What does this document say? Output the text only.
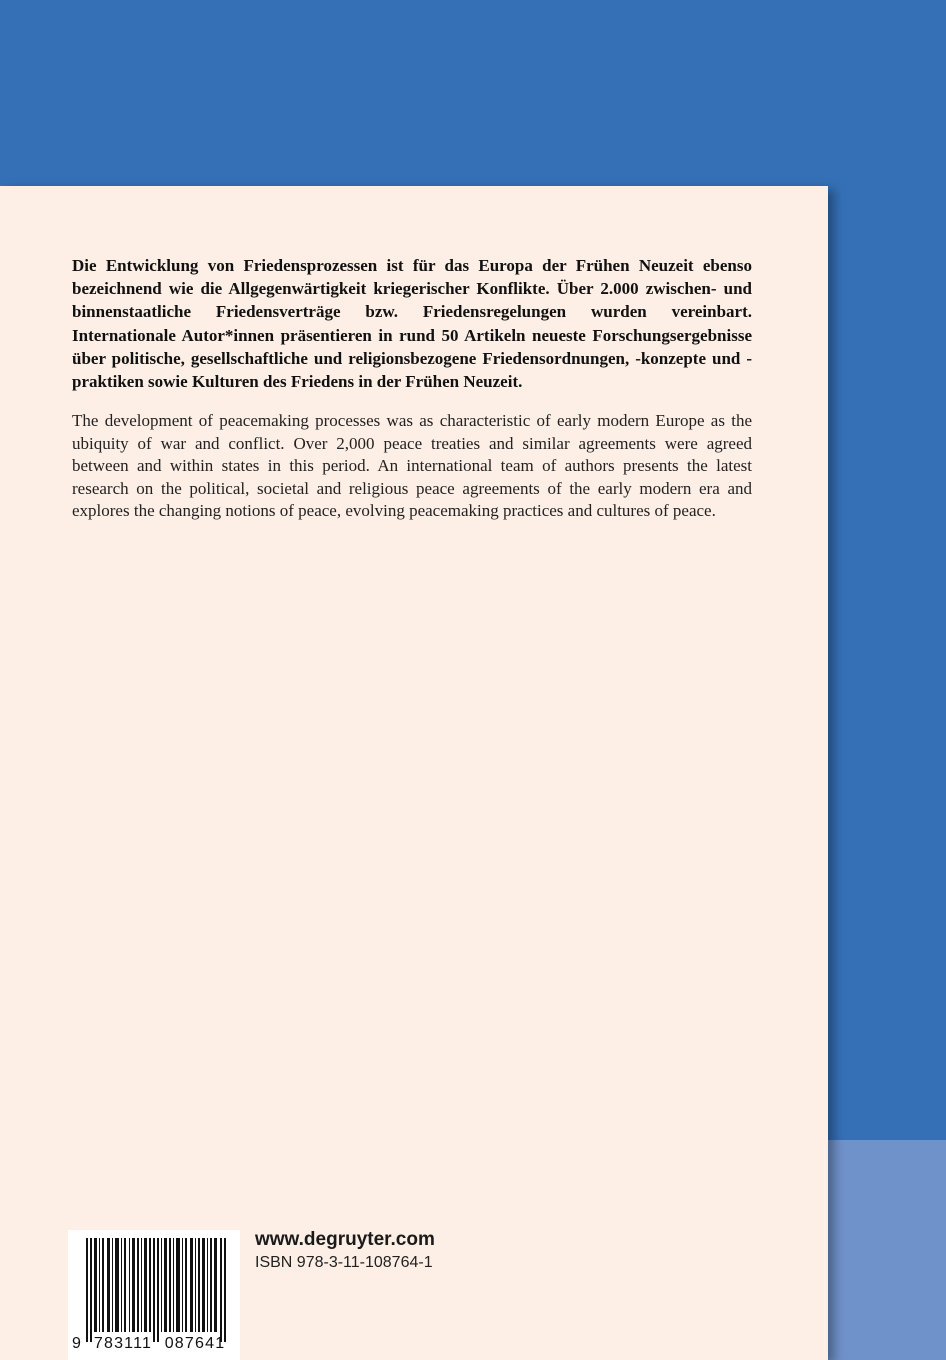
Die Entwicklung von Friedensprozessen ist für das Europa der Frühen Neuzeit ebenso bezeichnend wie die Allgegenwärtigkeit kriegerischer Konflikte. Über 2.000 zwischen- und binnenstaatliche Friedensverträge bzw. Friedensregelungen wurden vereinbart. Internationale Autor*innen präsentieren in rund 50 Artikeln neueste Forschungsergebnisse über politische, gesellschaftliche und religionsbezogene Friedensordnungen, -konzepte und -praktiken sowie Kulturen des Friedens in der Frühen Neuzeit.

The development of peacemaking processes was as characteristic of early modern Europe as the ubiquity of war and conflict. Over 2,000 peace treaties and similar agreements were agreed between and within states in this period. An international team of authors presents the latest research on the political, societal and religious peace agreements of the early modern era and explores the changing notions of peace, evolving peacemaking practices and cultures of peace.

9 783111 087641

www.degruyter.com

ISBN 978-3-11-108764-1
